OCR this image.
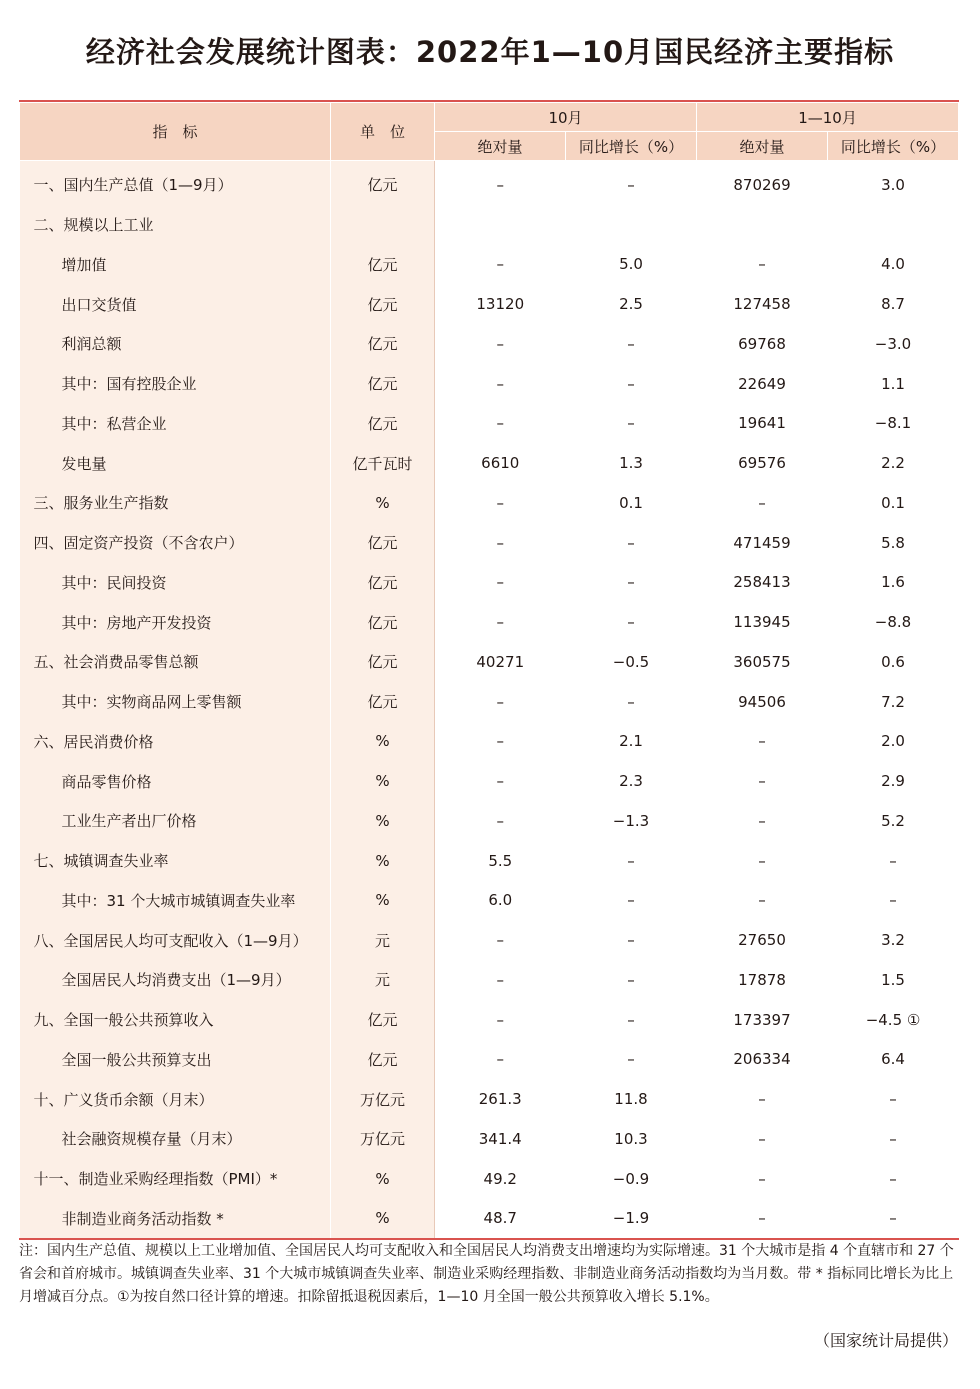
经济社会发展统计图表：2022年1—10月国民经济主要指标
指　标	单　位	10月		1—10月	
		绝对量	同比增长（%）	绝对量	同比增长（%）
一、国内生产总值（1—9月）	亿元	–	–	870269	3.0
二、规模以上工业					
增加值	亿元	–	5.0	–	4.0
出口交货值	亿元	13120	2.5	127458	8.7
利润总额	亿元	–	–	69768	−3.0
其中：国有控股企业	亿元	–	–	22649	1.1
其中：私营企业	亿元	–	–	19641	−8.1
发电量	亿千瓦时	6610	1.3	69576	2.2
三、服务业生产指数	%	–	0.1	–	0.1
四、固定资产投资（不含农户）	亿元	–	–	471459	5.8
其中：民间投资	亿元	–	–	258413	1.6
其中：房地产开发投资	亿元	–	–	113945	−8.8
五、社会消费品零售总额	亿元	40271	−0.5	360575	0.6
其中：实物商品网上零售额	亿元	–	–	94506	7.2
六、居民消费价格	%	–	2.1	–	2.0
商品零售价格	%	–	2.3	–	2.9
工业生产者出厂价格	%	–	−1.3	–	5.2
七、城镇调查失业率	%	5.5	–	–	–
其中：31 个大城市城镇调查失业率	%	6.0	–	–	–
八、全国居民人均可支配收入（1—9月）	元	–	–	27650	3.2
全国居民人均消费支出（1—9月）	元	–	–	17878	1.5
九、全国一般公共预算收入	亿元	–	–	173397	−4.5 ①
全国一般公共预算支出	亿元	–	–	206334	6.4
十、广义货币余额（月末）	万亿元	261.3	11.8	–	–
社会融资规模存量（月末）	万亿元	341.4	10.3	–	–
十一、制造业采购经理指数（PMI）*	%	49.2	−0.9	–	–
非制造业商务活动指数 *	%	48.7	−1.9	–	–
注：国内生产总值、规模以上工业增加值、全国居民人均可支配收入和全国居民人均消费支出增速均为实际增速。31 个大城市是指 4 个直辖市和 27 个省会和首府城市。城镇调查失业率、31 个大城市城镇调查失业率、制造业采购经理指数、非制造业商务活动指数均为当月数。带 * 指标同比增长为比上月增减百分点。①为按自然口径计算的增速。扣除留抵退税因素后，1—10 月全国一般公共预算收入增长 5.1%。
（国家统计局提供）
